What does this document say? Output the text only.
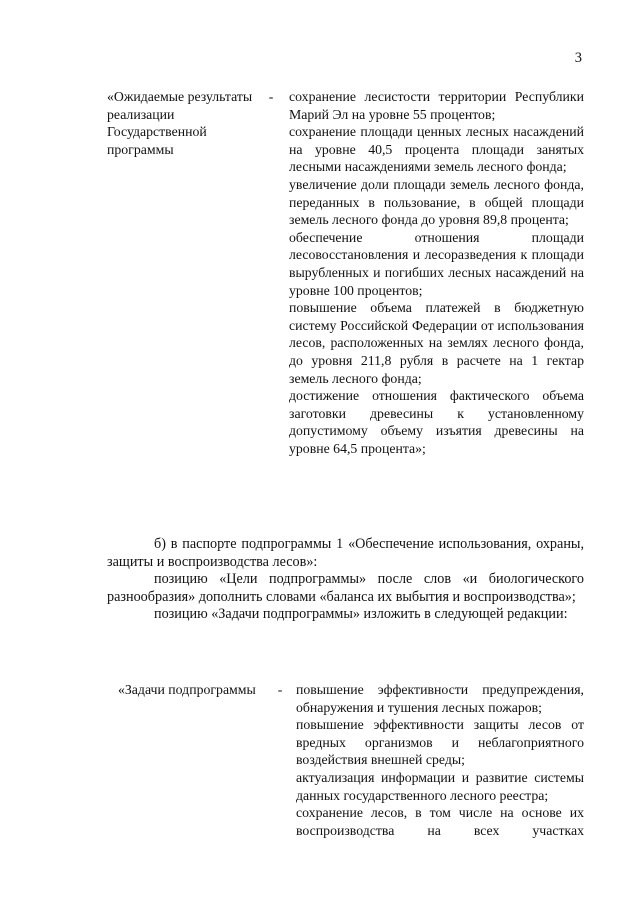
3
«Ожидаемые результаты реализации Государственной программы
-	сохранение лесистости территории Республики Марий Эл на уровне 55 процентов;
сохранение площади ценных лесных насаждений на уровне 40,5 процента площади занятых лесными насаждениями земель лесного фонда;
увеличение доли площади земель лесного фонда, переданных в пользование, в общей площади земель лесного фонда до уровня 89,8 процента;
обеспечение отношения площади лесовосстановления и лесоразведения к площади вырубленных и погибших лесных насаждений на уровне 100 процентов;
повышение объема платежей в бюджетную систему Российской Федерации от использования лесов, расположенных на землях лесного фонда, до уровня 211,8 рубля в расчете на 1 гектар земель лесного фонда;
достижение отношения фактического объема заготовки древесины к установленному допустимому объему изъятия древесины на уровне 64,5 процента»;
б) в паспорте подпрограммы 1 «Обеспечение использования, охраны, защиты и воспроизводства лесов»:
позицию «Цели подпрограммы» после слов «и биологического разнообразия» дополнить словами «баланса их выбытия и воспроизводства»;
позицию «Задачи подпрограммы» изложить в следующей редакции:
«Задачи подпрограммы	- повышение эффективности предупреждения, обнаружения и тушения лесных пожаров;
повышение эффективности защиты лесов от вредных организмов и неблагоприятного воздействия внешней среды;
актуализация информации и развитие системы данных государственного лесного реестра;
сохранение лесов, в том числе на основе их воспроизводства на всех участках
